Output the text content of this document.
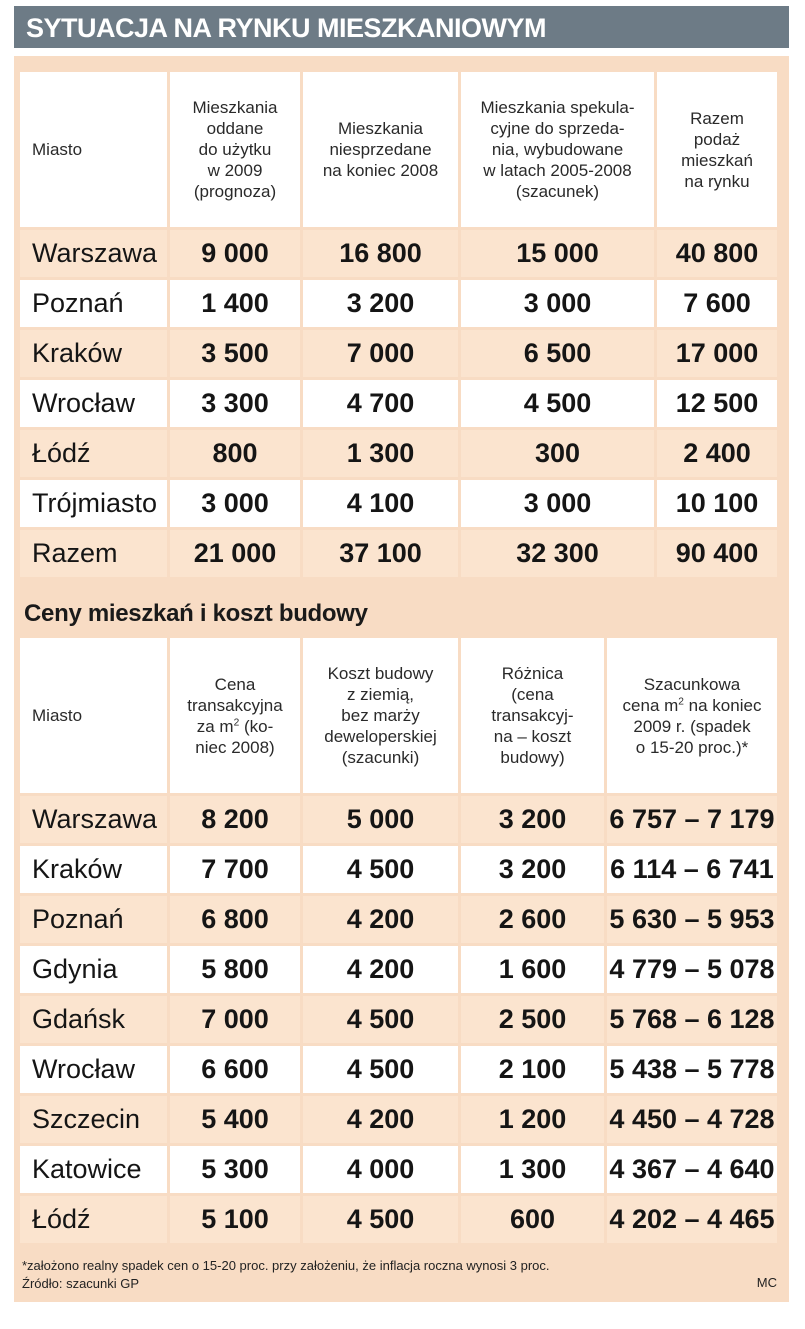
SYTUACJA NA RYNKU MIESZKANIOWYM
Miasto	Mieszkania
oddane
do użytku
w 2009
(prognoza)	Mieszkania
niesprzedane
na koniec 2008	Mieszkania spekula-
cyjne do sprzeda-
nia, wybudowane
w latach 2005-2008
(szacunek)	Razem
podaż
mieszkań
na rynku
Warszawa	9 000	16 800	15 000	40 800
Poznań	1 400	3 200	3 000	7 600
Kraków	3 500	7 000	6 500	17 000
Wrocław	3 300	4 700	4 500	12 500
Łódź	800	1 300	300	2 400
Trójmiasto	3 000	4 100	3 000	10 100
Razem	21 000	37 100	32 300	90 400
Ceny mieszkań i koszt budowy
Miasto	Cena
transakcyjna
za $m^2$ (ko-
niec 2008)	Koszt budowy
z ziemią,
bez marży
deweloperskiej
(szacunki)	Różnica
(cena
transakcyj-
na – koszt
budowy)	Szacunkowa
cena $m^2$ na koniec
2009 r. (spadek
o 15-20 proc.)*
Warszawa	8 200	5 000	3 200	6 757 – 7 179
Kraków	7 700	4 500	3 200	6 114 – 6 741
Poznań	6 800	4 200	2 600	5 630 – 5 953
Gdynia	5 800	4 200	1 600	4 779 – 5 078
Gdańsk	7 000	4 500	2 500	5 768 – 6 128
Wrocław	6 600	4 500	2 100	5 438 – 5 778
Szczecin	5 400	4 200	1 200	4 450 – 4 728
Katowice	5 300	4 000	1 300	4 367 – 4 640
Łódź	5 100	4 500	600	4 202 – 4 465
*założono realny spadek cen o 15-20 proc. przy założeniu, że inflacja roczna wynosi 3 proc.
Źródło: szacunki GP	MC
